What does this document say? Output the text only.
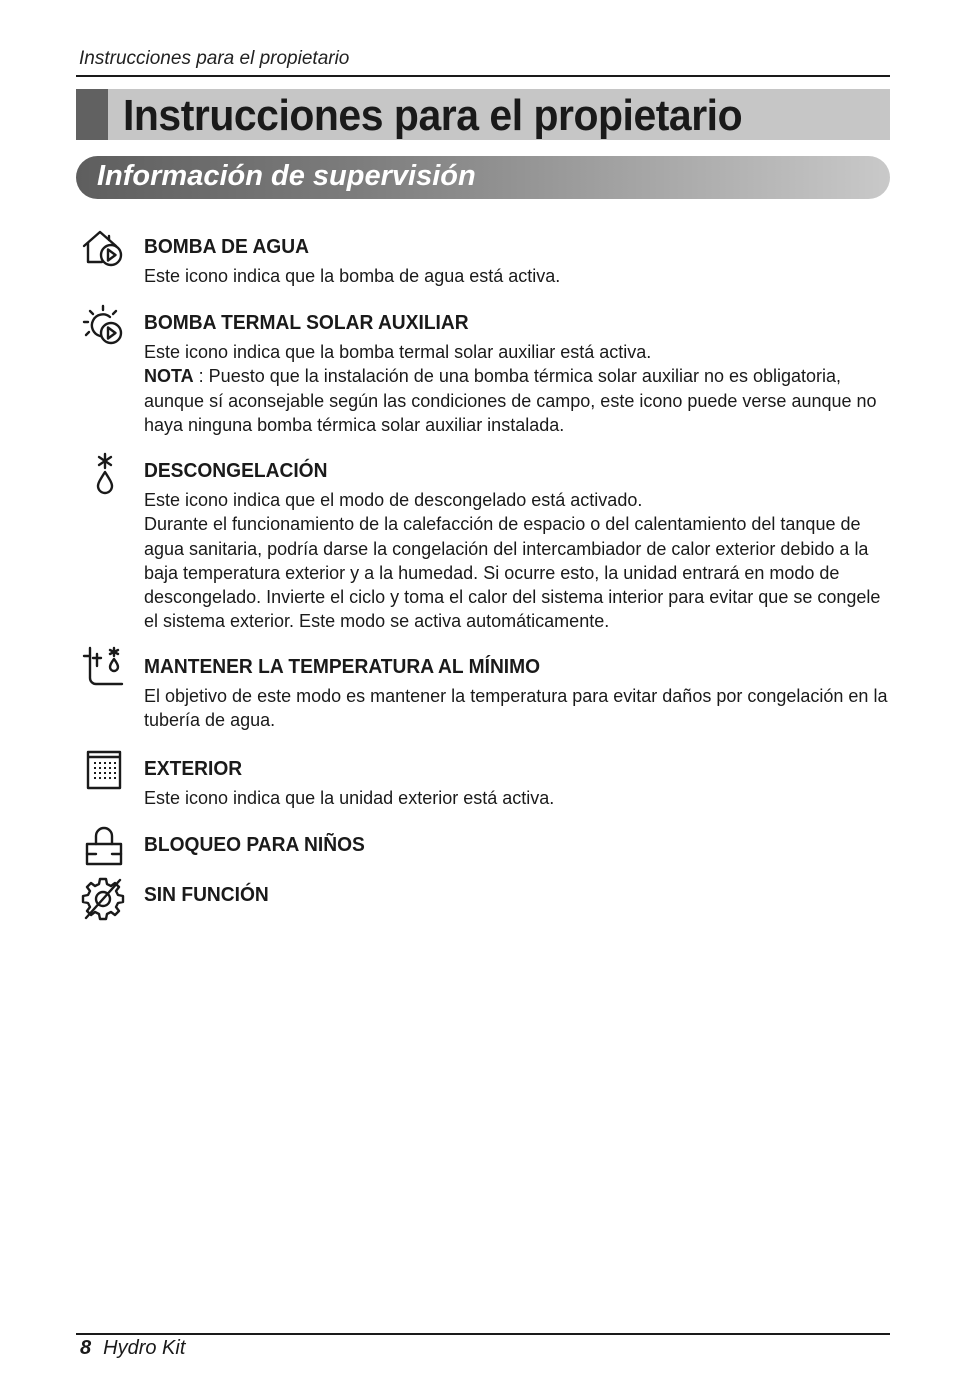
Instrucciones para el propietario
Instrucciones para el propietario
Información de supervisión
BOMBA DE AGUA

Este icono indica que la bomba de agua está activa.

BOMBA TERMAL SOLAR AUXILIAR

Este icono indica que la bomba termal solar auxiliar está activa.

NOTA : Puesto que la instalación de una bomba térmica solar auxiliar no es obligatoria, aunque sí aconsejable según las condiciones de campo, este icono puede verse aunque no haya ninguna bomba térmica solar auxiliar instalada.

DESCONGELACIÓN

Este icono indica que el modo de descongelado está activado.

Durante el funcionamiento de la calefacción de espacio o del calentamiento del tanque de agua sanitaria, podría darse la congelación del intercambiador de calor exterior debido a la baja temperatura exterior y a la humedad. Si ocurre esto, la unidad entrará en modo de descongelado. Invierte el ciclo y toma el calor del sistema interior para evitar que se congele el sistema exterior. Este modo se activa automáticamente.

MANTENER LA TEMPERATURA AL MÍNIMO

El objetivo de este modo es mantener la temperatura para evitar daños por congelación en la tubería de agua.

EXTERIOR

Este icono indica que la unidad exterior está activa.

BLOQUEO PARA NIÑOS
SIN FUNCIÓN
8 Hydro Kit
